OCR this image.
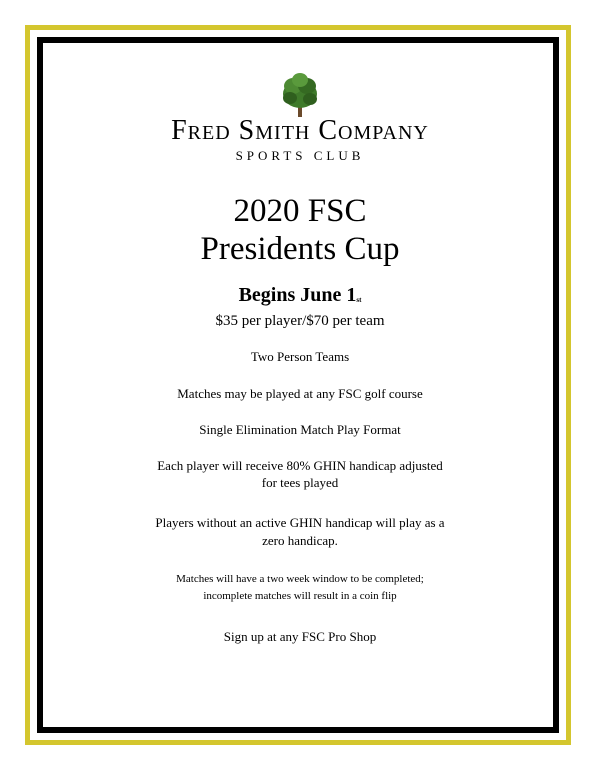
Fred Smith Company
SPORTS CLUB
2020 FSC
Presidents Cup
Begins June 1st
$35 per player/$70 per team
Two Person Teams
Matches may be played at any FSC golf course
Single Elimination Match Play Format
Each player will receive 80% GHIN handicap adjusted
for tees played
Players without an active GHIN handicap will play as a
zero handicap.
Matches will have a two week window to be completed;
incomplete matches will result in a coin flip
Sign up at any FSC Pro Shop
